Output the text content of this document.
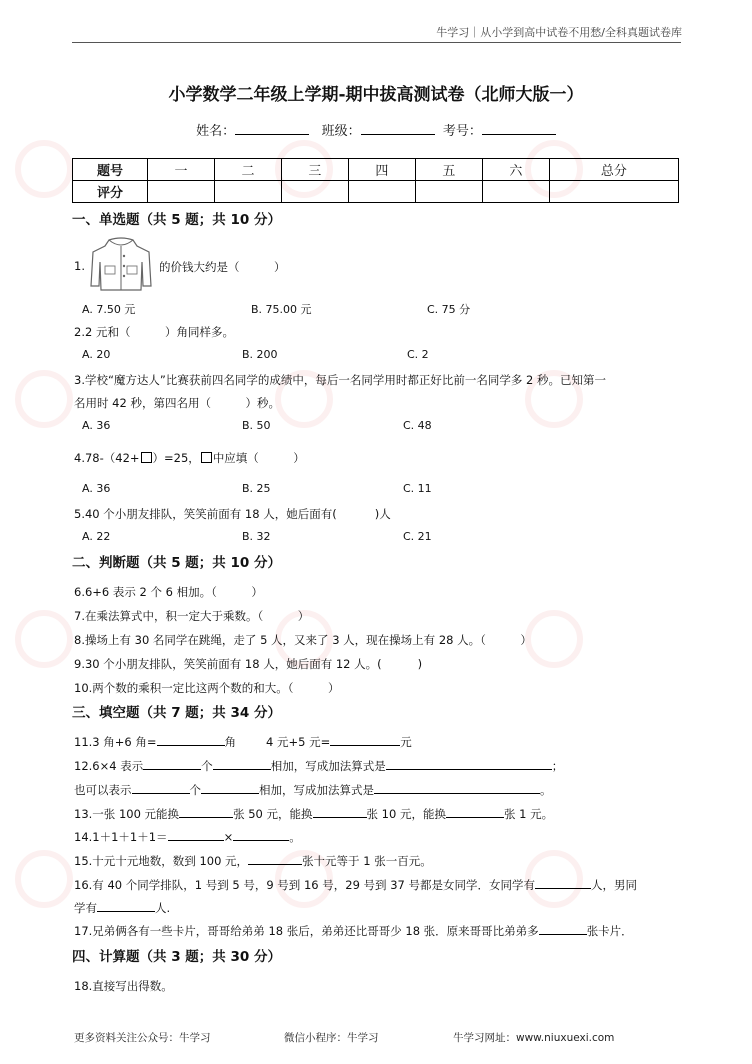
牛学习｜从小学到高中试卷不用愁/全科真题试卷库
小学数学二年级上学期-期中拔高测试卷（北师大版一）
姓名：	班级：	考号：
题号	一	二	三	四	五	六	总分
评分							
一、单选题（共 5 题；共 10 分）
1.	的价钱大约是（　　　）
A. 7.50 元	B. 75.00 元	C. 75 分
2.2 元和（　　　）角同样多。
A. 20	B. 200	C. 2
3.学校“魔方达人”比赛获前四名同学的成绩中，每后一名同学用时都正好比前一名同学多 2 秒。已知第一
名用时 42 秒，第四名用（　　　）秒。
A. 36	B. 50	C. 48
4.78-（42+ ）=25， 中应填（　　　）
A. 36	B. 25	C. 11
5.40 个小朋友排队，笑笑前面有 18 人，她后面有(	)人
A. 22	B. 32	C. 21
二、判断题（共 5 题；共 10 分）
6.6+6 表示 2 个 6 相加。（　　　）
7.在乘法算式中，积一定大于乘数。（　　　）
8.操场上有 30 名同学在跳绳，走了 5 人，又来了 3 人，现在操场上有 28 人。（　　　）
9.30 个小朋友排队，笑笑前面有 18 人，她后面有 12 人。(	)
10.两个数的乘积一定比这两个数的和大。（　　　）
三、填空题（共 7 题；共 34 分）
11.3 角+6 角=	角	4 元+5 元=	元
12.6×4 表示	个	相加，写成加法算式是	；
也可以表示	个	相加，写成加法算式是	。
13.一张 100 元能换	张 50 元，能换	张 10 元，能换	张 1 元。
14.1＋1＋1＋1＝	×	。
15.十元十元地数，数到 100 元，	张十元等于 1 张一百元。
16.有 40 个同学排队，1 号到 5 号，9 号到 16 号，29 号到 37 号都是女同学．女同学有	人，男同
学有	人.
17.兄弟俩各有一些卡片，哥哥给弟弟 18 张后，弟弟还比哥哥少 18 张．原来哥哥比弟弟多	张卡片．
四、计算题（共 3 题；共 30 分）
18.直接写出得数。
更多资料关注公众号：牛学习	微信小程序：牛学习	牛学习网址：www.niuxuexi.com
